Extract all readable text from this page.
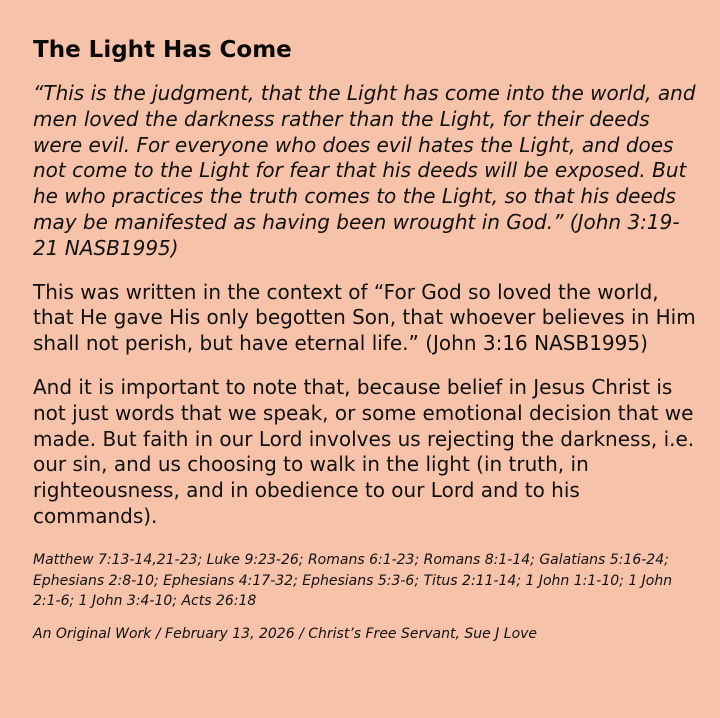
The Light Has Come

“This is the judgment, that the Light has come into the world, and men loved the darkness rather than the Light, for their deeds were evil. For everyone who does evil hates the Light, and does not come to the Light for fear that his deeds will be exposed. But he who practices the truth comes to the Light, so that his deeds may be manifested as having been wrought in God.” (John 3:19-21 NASB1995)

This was written in the context of “For God so loved the world, that He gave His only begotten Son, that whoever believes in Him shall not perish, but have eternal life.” (John 3:16 NASB1995)

And it is important to note that, because belief in Jesus Christ is not just words that we speak, or some emotional decision that we made. But faith in our Lord involves us rejecting the darkness, i.e. our sin, and us choosing to walk in the light (in truth, in righteousness, and in obedience to our Lord and to his commands).

Matthew 7:13-14,21-23; Luke 9:23-26; Romans 6:1-23; Romans 8:1-14; Galatians 5:16-24; Ephesians 2:8-10; Ephesians 4:17-32; Ephesians 5:3-6; Titus 2:11-14; 1 John 1:1-10; 1 John 2:1-6; 1 John 3:4-10; Acts 26:18

An Original Work / February 13, 2026 / Christ’s Free Servant, Sue J Love
